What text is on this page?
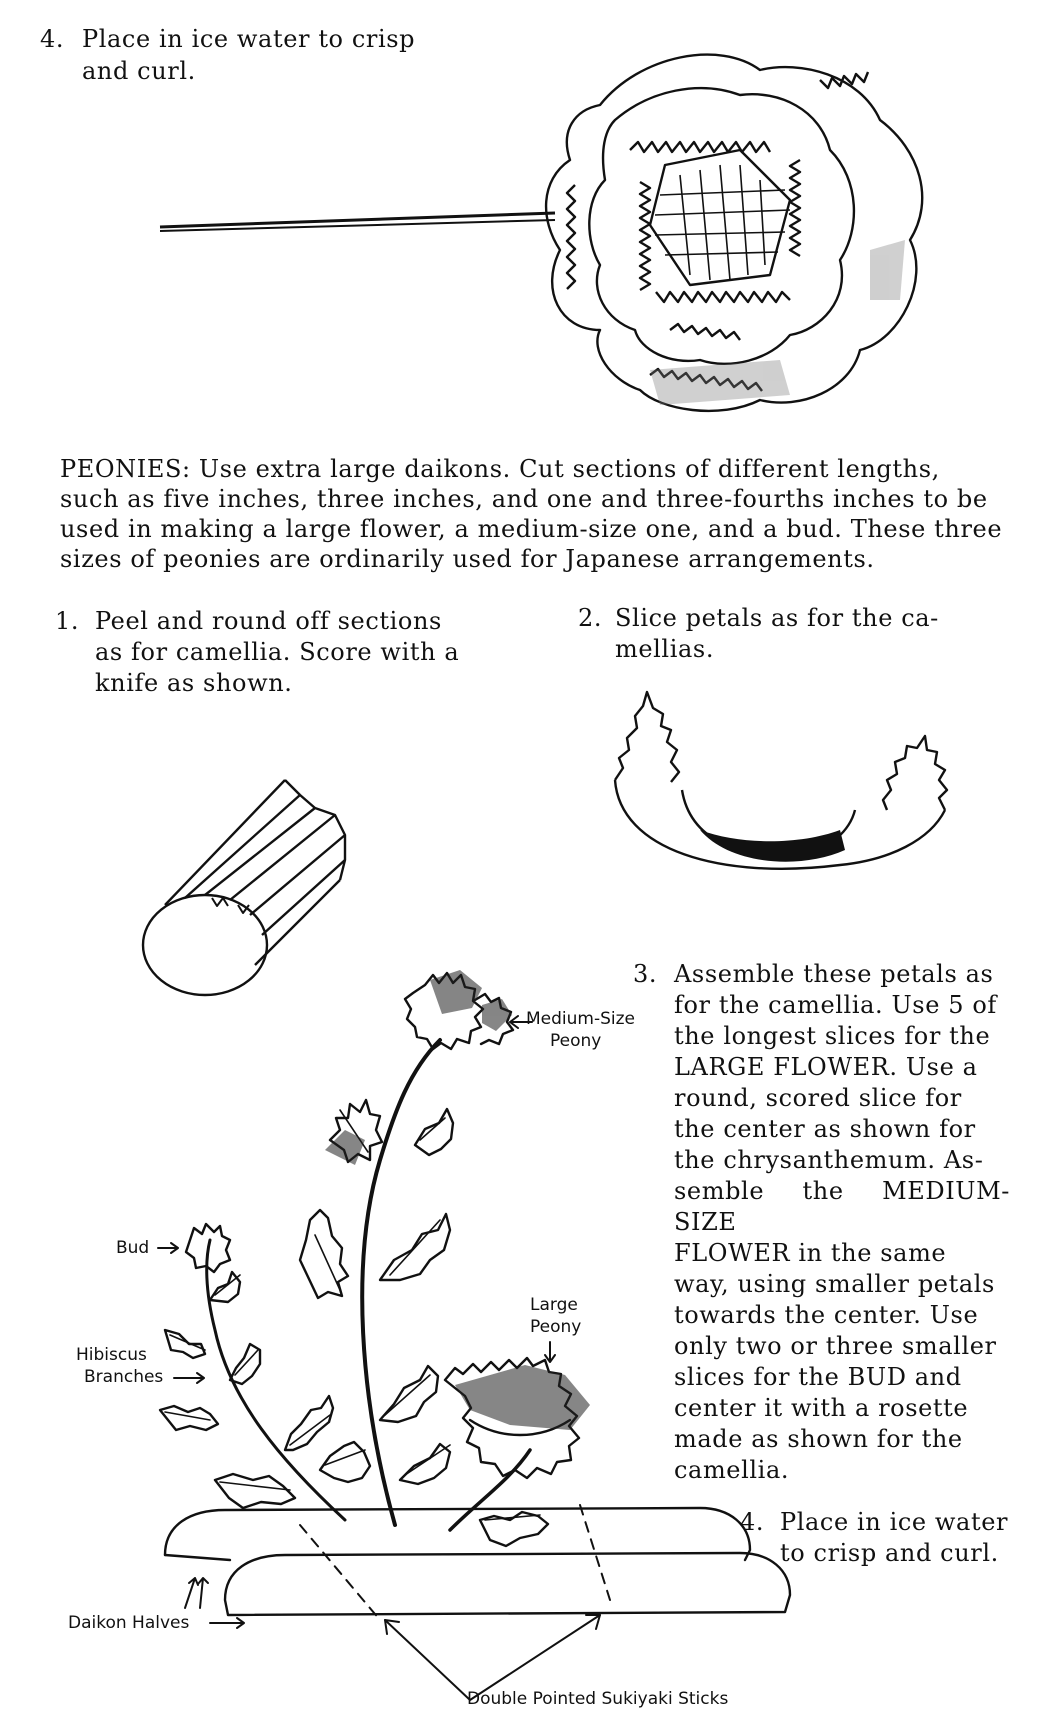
4. Place in ice water to crisp

and curl.

PEONIES: Use extra large daikons. Cut sections of different lengths,

such as five inches, three inches, and one and three-fourths inches to be

used in making a large flower, a medium-size one, and a bud. These three

sizes of peonies are ordinarily used for Japanese arrangements.

1. Peel and round off sections

as for camellia. Score with a

knife as shown.

2. Slice petals as for the ca-

mellias.

3. Assemble these petals as

for the camellia. Use 5 of

the longest slices for the

LARGE FLOWER. Use a

round, scored slice for

the center as shown for

the chrysanthemum. As-

semble the MEDIUM-SIZE

FLOWER in the same

way, using smaller petals

towards the center. Use

only two or three smaller

slices for the BUD and

center it with a rosette

made as shown for the

camellia.

4. Place in ice water

to crisp and curl.

Medium-Size
Peony
Bud
Hibiscus
Branches
Large
Peony
Daikon Halves
Double Pointed Sukiyaki Sticks
